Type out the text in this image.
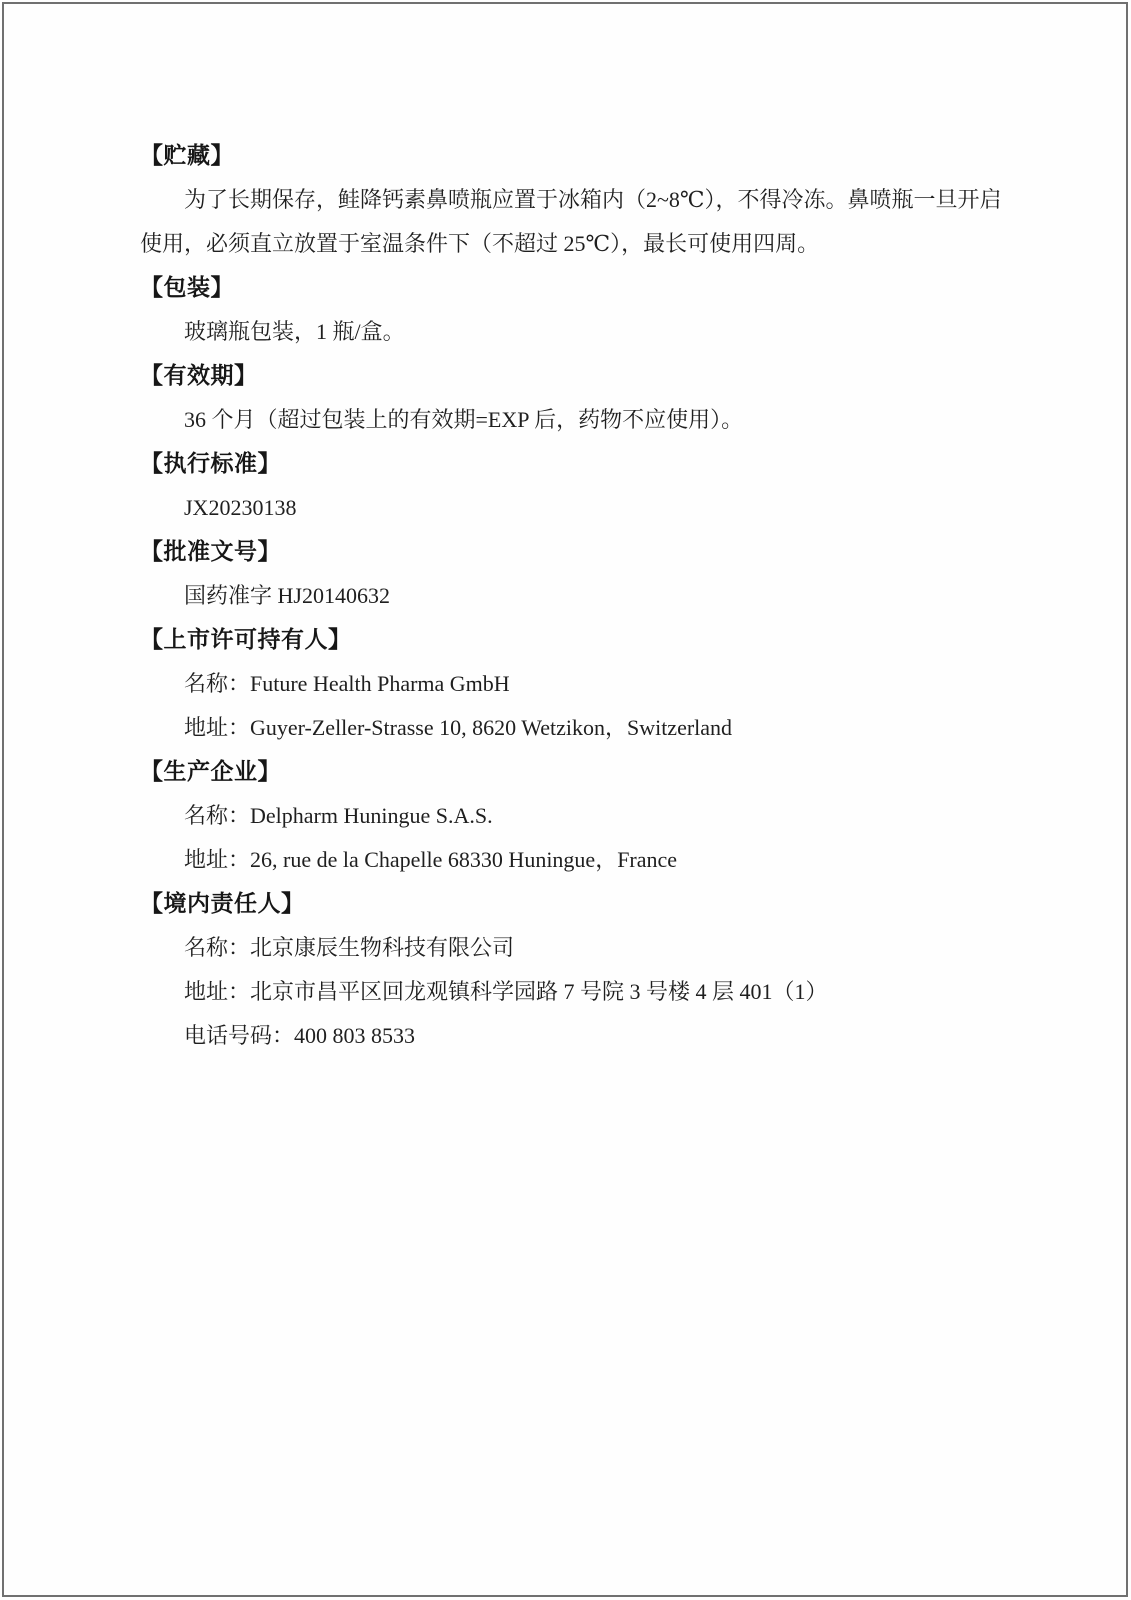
【贮藏】

为了长期保存，鲑降钙素鼻喷瓶应置于冰箱内（2~8℃），不得冷冻。鼻喷瓶一旦开启使用，必须直立放置于室温条件下（不超过 25℃），最长可使用四周。

【包装】

玻璃瓶包装，1 瓶/盒。

【有效期】

36 个月（超过包装上的有效期=EXP 后，药物不应使用）。

【执行标准】

JX20230138

【批准文号】

国药准字 HJ20140632

【上市许可持有人】

名称：Future Health Pharma GmbH

地址：Guyer-Zeller-Strasse 10, 8620 Wetzikon，Switzerland

【生产企业】

名称：Delpharm Huningue S.A.S.

地址：26, rue de la Chapelle 68330 Huningue，France

【境内责任人】

名称：北京康辰生物科技有限公司

地址：北京市昌平区回龙观镇科学园路 7 号院 3 号楼 4 层 401（1）

电话号码：400 803 8533
